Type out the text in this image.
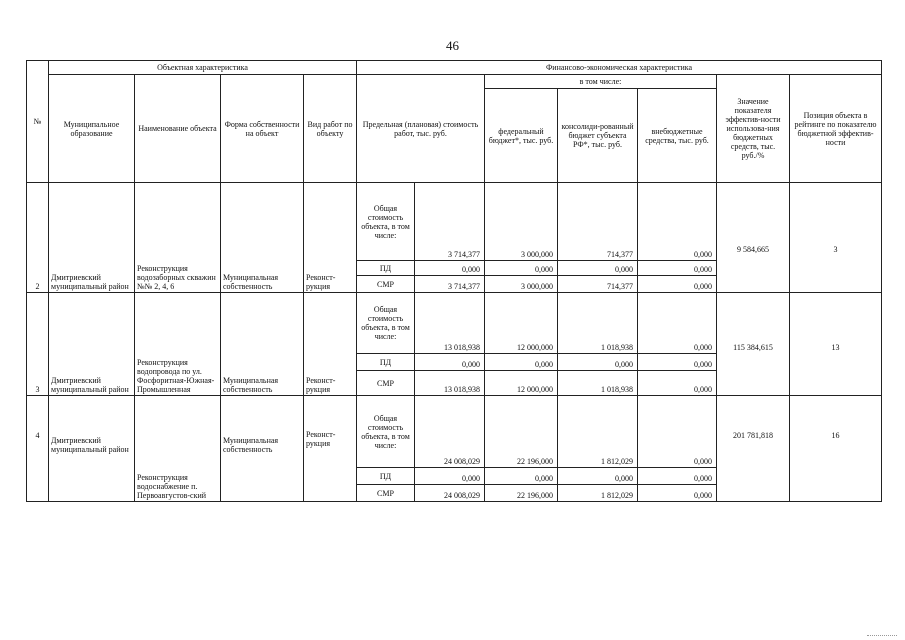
46
№	Объектная характеристика				Финансово-экономическая характеристика						
	Муниципальное образование	Наименование объекта	Форма собственности на объект	Вид работ по объекту	Предельная (плановая) стоимость работ, тыс. руб.		в том числе:			Значение показателя эффектив-ности использова-ния бюджетных средств, тыс. руб./%	Позиция объекта в рейтинге по показателю бюджетной эффектив-ности
							федеральный бюджет*, тыс. руб.	консолиди-рованный бюджет субъекта РФ*, тыс. руб.	внебюджетные средства, тыс. руб.		
2	Дмитриевский муниципальный район	Реконструкция водозаборных скважин №№ 2, 4, 6	Муниципальная собственность	Реконст-рукция	Общая стоимость объекта, в том числе:	3 714,377	3 000,000	714,377	0,000	9 584,665	3
					ПД	0,000	0,000	0,000	0,000		
					СМР	3 714,377	3 000,000	714,377	0,000		
3	Дмитриевский муниципальный район	Реконструкция водопровода по ул. Фосфоритная-Южная-Промышленная	Муниципальная собственность	Реконст-рукция	Общая стоимость объекта, в том числе:	13 018,938	12 000,000	1 018,938	0,000	115 384,615	13
					ПД	0,000	0,000	0,000	0,000		
					СМР	13 018,938	12 000,000	1 018,938	0,000		
4	Дмитриевский муниципальный район	Реконструкция водоснабжение п. Первоавгустов-ский	Муниципальная собственность	Реконст-рукция	Общая стоимость объекта, в том числе:	24 008,029	22 196,000	1 812,029	0,000	201 781,818	16
					ПД	0,000	0,000	0,000	0,000		
					СМР	24 008,029	22 196,000	1 812,029	0,000		
